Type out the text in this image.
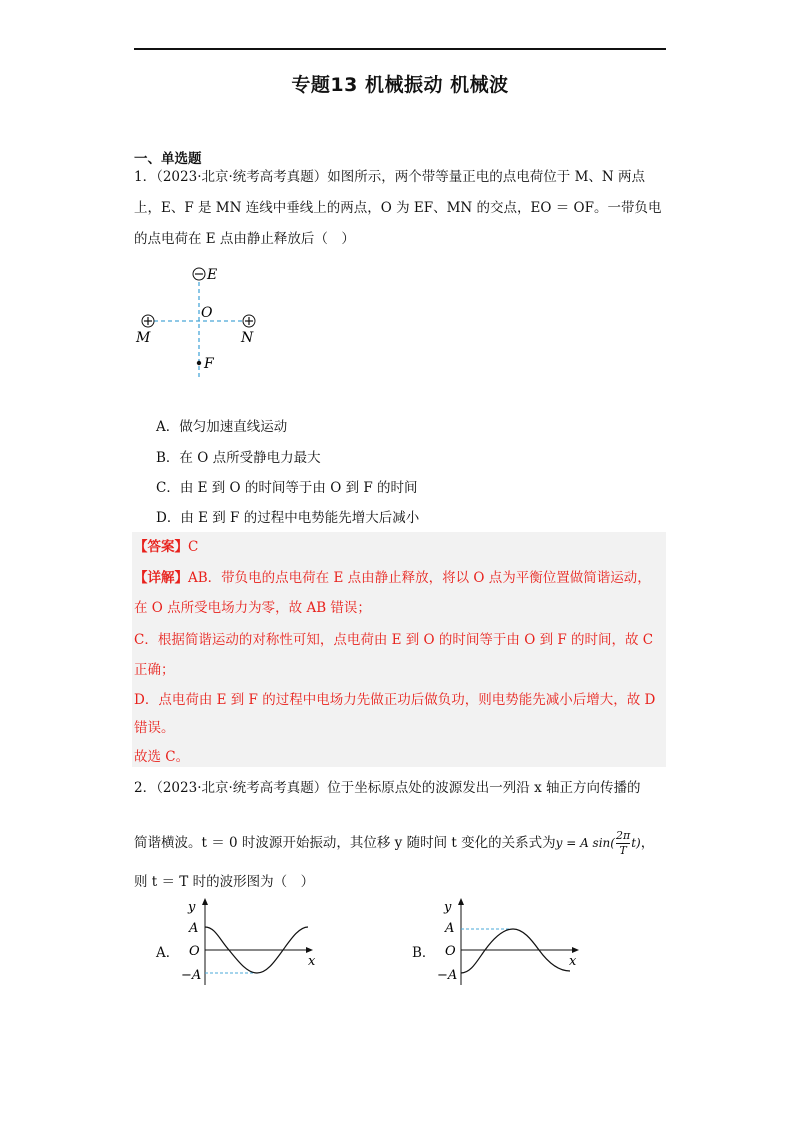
专题13 机械振动 机械波
一、单选题
1．（2023·北京·统考高考真题）如图所示，两个带等量正电的点电荷位于 M、N 两点
上，E、F 是 MN 连线中垂线上的两点，O 为 EF、MN 的交点，EO ＝ OF。一带负电
的点电荷在 E 点由静止释放后（　）
E
O
M	N
F
A．做匀加速直线运动
B．在 O 点所受静电力最大
C．由 E 到 O 的时间等于由 O 到 F 的时间
D．由 E 到 F 的过程中电势能先增大后减小
【答案】C
【详解】AB．带负电的点电荷在 E 点由静止释放，将以 O 点为平衡位置做简谐运动，
在 O 点所受电场力为零，故 AB 错误；
C．根据简谐运动的对称性可知，点电荷由 E 到 O 的时间等于由 O 到 F 的时间，故 C
正确；
D．点电荷由 E 到 F 的过程中电场力先做正功后做负功，则电势能先减小后增大，故 D
错误。
故选 C。
2．（2023·北京·统考高考真题）位于坐标原点处的波源发出一列沿 x 轴正方向传播的
简谐横波。t ＝ 0 时波源开始振动，其位移 y 随时间 t 变化的关系式为y = A $\sin( \frac{2\pi}{T} t)$，
则 t ＝ T 时的波形图为（　）
A．
y
x
A
O
−A
B．
y
x
A
O
−A
